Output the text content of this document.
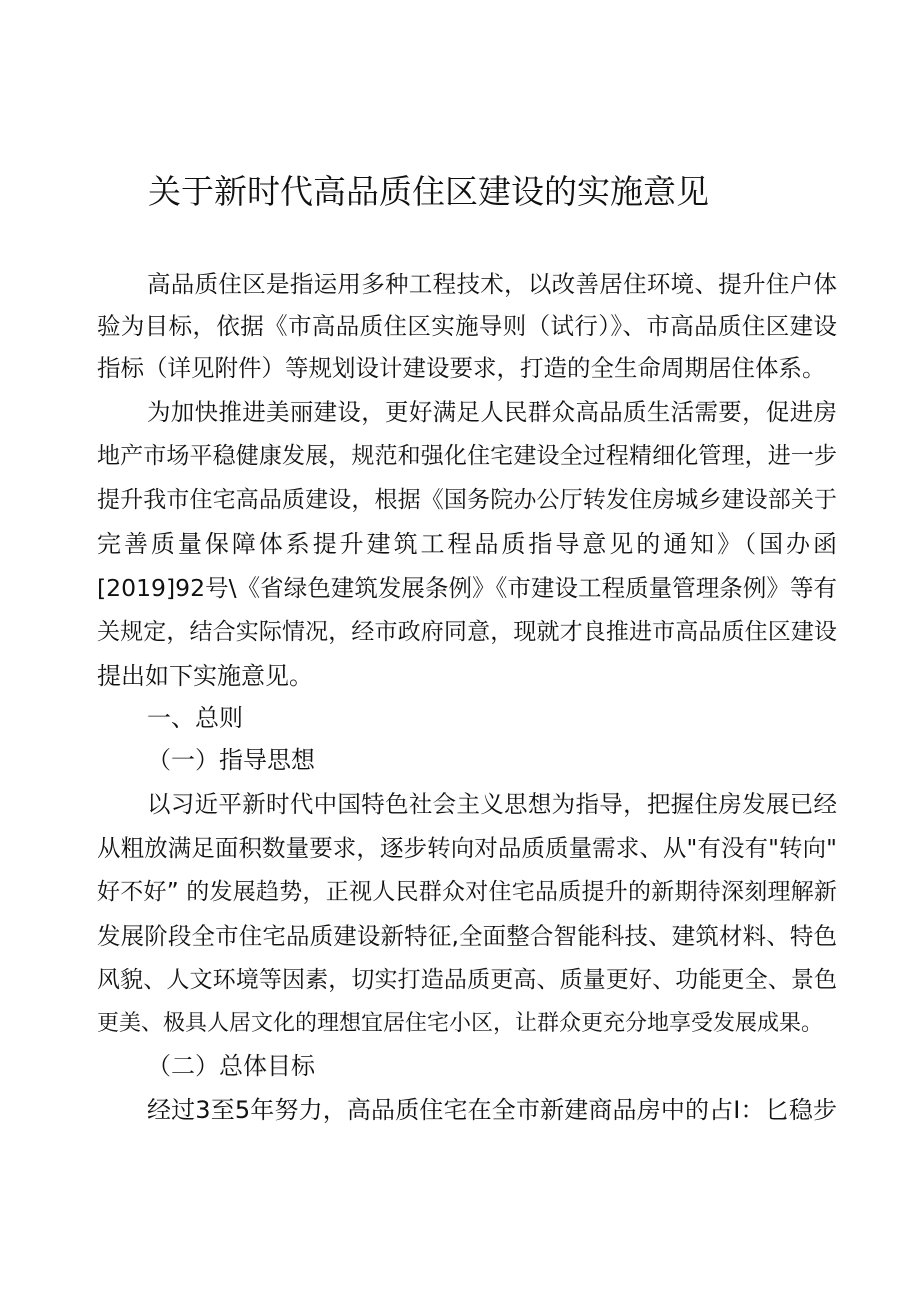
关于新时代高品质住区建设的实施意见
高品质住区是指运用多种工程技术，以改善居住环境、提升住户体
验为目标，依据《市高品质住区实施导则（试行）》、市高品质住区建设
指标（详见附件）等规划设计建设要求，打造的全生命周期居住体系。
为加快推进美丽建设，更好满足人民群众高品质生活需要，促进房
地产市场平稳健康发展，规范和强化住宅建设全过程精细化管理，进一步
提升我市住宅高品质建设，根据《国务院办公厅转发住房城乡建设部关于
完善质量保障体系提升建筑工程品质指导意见的通知》（国办函
[2019]92号\《省绿色建筑发展条例》《市建设工程质量管理条例》等有
关规定，结合实际情况，经市政府同意，现就才良推进市高品质住区建设
提出如下实施意见。
一、总则
（一）指导思想
以习近平新时代中国特色社会主义思想为指导，把握住房发展已经
从粗放满足面积数量要求，逐步转向对品质质量需求、从"有没有"转向"
好不好” 的发展趋势，正视人民群众对住宅品质提升的新期待深刻理解新
发展阶段全市住宅品质建设新特征,全面整合智能科技、建筑材料、特色
风貌、人文环境等因素，切实打造品质更高、质量更好、功能更全、景色
更美、极具人居文化的理想宜居住宅小区，让群众更充分地享受发展成果。
（二）总体目标
经过3至5年努力，高品质住宅在全市新建商品房中的占I：匕稳步
